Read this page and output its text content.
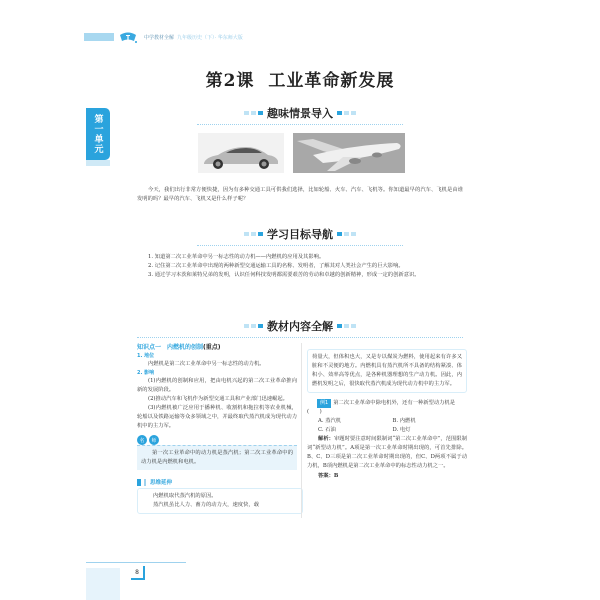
中学教材全解 九年级历史（下）· 华东师大版
第2课 工业革命新发展
第一单元
趣味情景导入
今天，我们出行非常方便快捷，因为有多种交通工具可供我们选择，比如轮船、火车、汽车、飞机等。你知道最早的汽车、飞机是由谁发明的吗？最早的汽车、飞机又是什么样子呢？
学习目标导航

1. 知道第二次工业革命中另一标志性的动力机——内燃机的应用及其影响。

2. 记住第二次工业革命中出现的两种新型交通运输工具的名称、发明者，了解其对人类社会产生的巨大影响。

3. 通过学习本茨和莱特兄弟的发明，认识任何科技发明都需要艰苦的劳动和卓越的创新精神，形成一定的创新意识。

教材内容全解
知识点一　内燃机的创制(重点)
1. 地位

内燃机是第二次工业革命中另一标志性的动力机。

2. 影响

(1)内燃机的创制和应用，把由电机兴起的第二次工业革命推向新的发展阶段。

(2)推动汽车和飞机作为新型交通工具和产业部门迅速崛起。

(3)内燃机被广泛应用于播种机、收割机和拖拉机等农业机械，轮船以及铁路运输等众多领域之中，并最终取代蒸汽机成为现代动力机中的主力军。

名	师

第一次工业革命中的动力机是蒸汽机；第二次工业革命中的动力机是内燃机和电机。

思维延伸

内燃机取代蒸汽机的原因。

蒸汽机虽比人力、畜力的动力大，速度快，载

荷量大，但体积也大，又是专以煤炭为燃料，使用起来有许多又脏和不灵便的地方。内燃机具有蒸汽机所不具备的结构紧凑、体积小、效率高等优点，是各种机器理想的生产动力机。因此，内燃机发明之后，很快取代蒸汽机成为现代动力机中的主力军。

例1 第二次工业革命中除电机外，还有一种新型动力机是(　　)
A. 蒸汽机	B. 内燃机
C. 石油	D. 电灯
解析：审题时要注意时间限制词“第二次工业革命中”，范围限制词“新型动力机”。A项是第一次工业革命时期出现的，可首先排除。B、C、D三项是第二次工业革命时期出现的，但C、D两项不属于动力机，B项内燃机是第二次工业革命中的标志性动力机之一。
答案：B
8
